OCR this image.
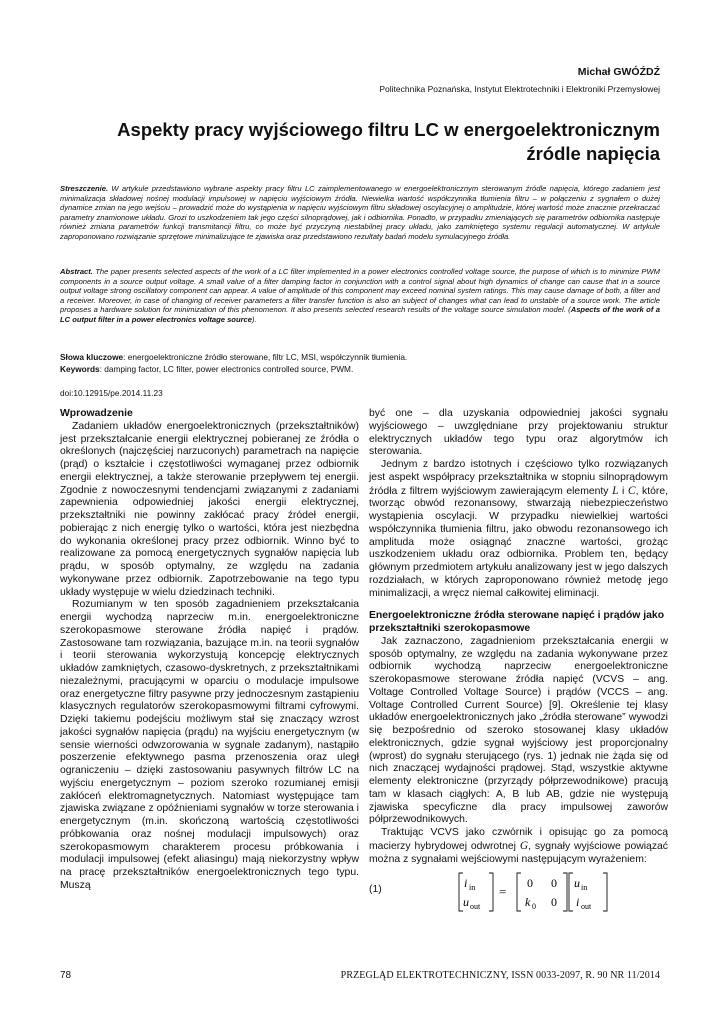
Michał GWÓŹDŹ
Politechnika Poznańska, Instytut Elektrotechniki i Elektroniki Przemysłowej
Aspekty pracy wyjściowego filtru LC w energoelektronicznym
źródle napięcia
Streszczenie. W artykule przedstawiono wybrane aspekty pracy filtru LC zaimplementowanego w energoelektronicznym sterowanym źródle napięcia, którego zadaniem jest minimalizacja składowej nośnej modulacji impulsowej w napięciu wyjściowym źródła. Niewielka wartość współczynnika tłumienia filtru – w połączeniu z sygnałem o dużej dynamice zmian na jego wejściu – prowadzić może do wystąpienia w napięciu wyjściowym filtru składowej oscylacyjnej o amplitudzie, której wartość może znacznie przekraczać parametry znamionowe układu. Grozi to uszkodzeniem tak jego części silnoprądowej, jak i odbiornika. Ponadto, w przypadku zmieniających się parametrów odbiornika następuje również zmiana parametrów funkcji transmitancji filtru, co może być przyczyną niestabilnej pracy układu, jako zamkniętego systemu regulacji automatycznej. W artykule zaproponowano rozwiązanie sprzętowe minimalizujące te zjawiska oraz przedstawiono rezultaty badań modelu symulacyjnego źródła.
Abstract. The paper presents selected aspects of the work of a LC filter implemented in a power electronics controlled voltage source, the purpose of which is to minimize PWM components in a source output voltage. A small value of a filter damping factor in conjunction with a control signal about high dynamics of change can cause that in a source output voltage strong oscillatory component can appear. A value of amplitude of this component may exceed nominal system ratings. This may cause damage of both, a filter and a receiver. Moreover, in case of changing of receiver parameters a filter transfer function is also an subject of changes what can lead to unstable of a source work. The article proposes a hardware solution for minimization of this phenomenon. It also presents selected research results of the voltage source simulation model. (Aspects of the work of a LC output filter in a power electronics voltage source).
Słowa kluczowe: energoelektroniczne źródło sterowane, filtr LC, MSI, współczynnik tłumienia.
Keywords: damping factor, LC filter, power electronics controlled source, PWM.
doi:10.12915/pe.2014.11.23
Wprowadzenie

Zadaniem układów energoelektronicznych (przekształtników) jest przekształcanie energii elektrycznej pobieranej ze źródła o określonych (najczęściej narzuconych) parametrach na napięcie (prąd) o kształcie i częstotliwości wymaganej przez odbiornik energii elektrycznej, a także sterowanie przepływem tej energii. Zgodnie z nowoczesnymi tendencjami związanymi z zadaniami zapewnienia odpowiedniej jakości energii elektrycznej, przekształtniki nie powinny zakłócać pracy źródeł energii, pobierając z nich energię tylko o wartości, która jest niezbędna do wykonania określonej pracy przez odbiornik. Winno być to realizowane za pomocą energetycznych sygnałów napięcia lub prądu, w sposób optymalny, ze względu na zadania wykonywane przez odbiornik. Zapotrzebowanie na tego typu układy występuje w wielu dziedzinach techniki.

Rozumianym w ten sposób zagadnieniem przekształcania energii wychodzą naprzeciw m.in. energoelektroniczne szerokopasmowe sterowane źródła napięć i prądów. Zastosowane tam rozwiązania, bazujące m.in. na teorii sygnałów i teorii sterowania wykorzystują koncepcję elektrycznych układów zamkniętych, czasowo-dyskretnych, z przekształtnikami niezależnymi, pracującymi w oparciu o modulacje impulsowe oraz energetyczne filtry pasywne przy jednoczesnym zastąpieniu klasycznych regulatorów szerokopasmowymi filtrami cyfrowymi. Dzięki takiemu podejściu możliwym stał się znaczący wzrost jakości sygnałów napięcia (prądu) na wyjściu energetycznym (w sensie wierności odwzorowania w sygnale zadanym), nastąpiło poszerzenie efektywnego pasma przenoszenia oraz uległ ograniczeniu – dzięki zastosowaniu pasywnych filtrów LC na wyjściu energetycznym – poziom szeroko rozumianej emisji zakłóceń elektromagnetycznych. Natomiast występujące tam zjawiska związane z opóźnieniami sygnałów w torze sterowania i energetycznym (m.in. skończoną wartością częstotliwości próbkowania oraz nośnej modulacji impulsowych) oraz szerokopasmowym charakterem procesu próbkowania i modulacji impulsowej (efekt aliasingu) mają niekorzystny wpływ na pracę przekształtników energoelektronicznych tego typu. Muszą

być one – dla uzyskania odpowiedniej jakości sygnału wyjściowego – uwzględniane przy projektowaniu struktur elektrycznych układów tego typu oraz algorytmów ich sterowania.

Jednym z bardzo istotnych i częściowo tylko rozwiązanych jest aspekt współpracy przekształtnika w stopniu silnoprądowym źródła z filtrem wyjściowym zawierającym elementy L i C, które, tworząc obwód rezonansowy, stwarzają niebezpieczeństwo wystąpienia oscylacji. W przypadku niewielkiej wartości współczynnika tłumienia filtru, jako obwodu rezonansowego ich amplituda może osiągnąć znaczne wartości, grożąc uszkodzeniem układu oraz odbiornika. Problem ten, będący głównym przedmiotem artykułu analizowany jest w jego dalszych rozdziałach, w których zaproponowano również metodę jego minimalizacji, a wręcz niemal całkowitej eliminacji.

Energoelektroniczne źródła sterowane napięć i prądów jako przekształtniki szerokopasmowe

Jak zaznaczono, zagadnieniom przekształcania energii w sposób optymalny, ze względu na zadania wykonywane przez odbiornik wychodzą naprzeciw energoelektroniczne szerokopasmowe sterowane źródła napięć (VCVS – ang. Voltage Controlled Voltage Source) i prądów (VCCS – ang. Voltage Controlled Current Source) [9]. Określenie tej klasy układów energoelektronicznych jako „źródła sterowane” wywodzi się bezpośrednio od szeroko stosowanej klasy układów elektronicznych, gdzie sygnał wyjściowy jest proporcjonalny (wprost) do sygnału sterującego (rys. 1) jednak nie żąda się od nich znaczącej wydajności prądowej. Stąd, wszystkie aktywne elementy elektroniczne (przyrządy półprzewodnikowe) pracują tam w klasach ciągłych: A, B lub AB, gdzie nie występują zjawiska specyficzne dla pracy impulsowej zaworów półprzewodnikowych.

Traktując VCVS jako czwórnik i opisując go za pomocą macierzy hybrydowej odwrotnej G, sygnały wyjściowe powiązać można z sygnałami wejściowymi następującym wyrażeniem:

(1)	i in
u out
=
0 0
k 0 0
u in
i out
78	PRZEGLĄD ELEKTROTECHNICZNY, ISSN 0033-2097, R. 90 NR 11/2014
